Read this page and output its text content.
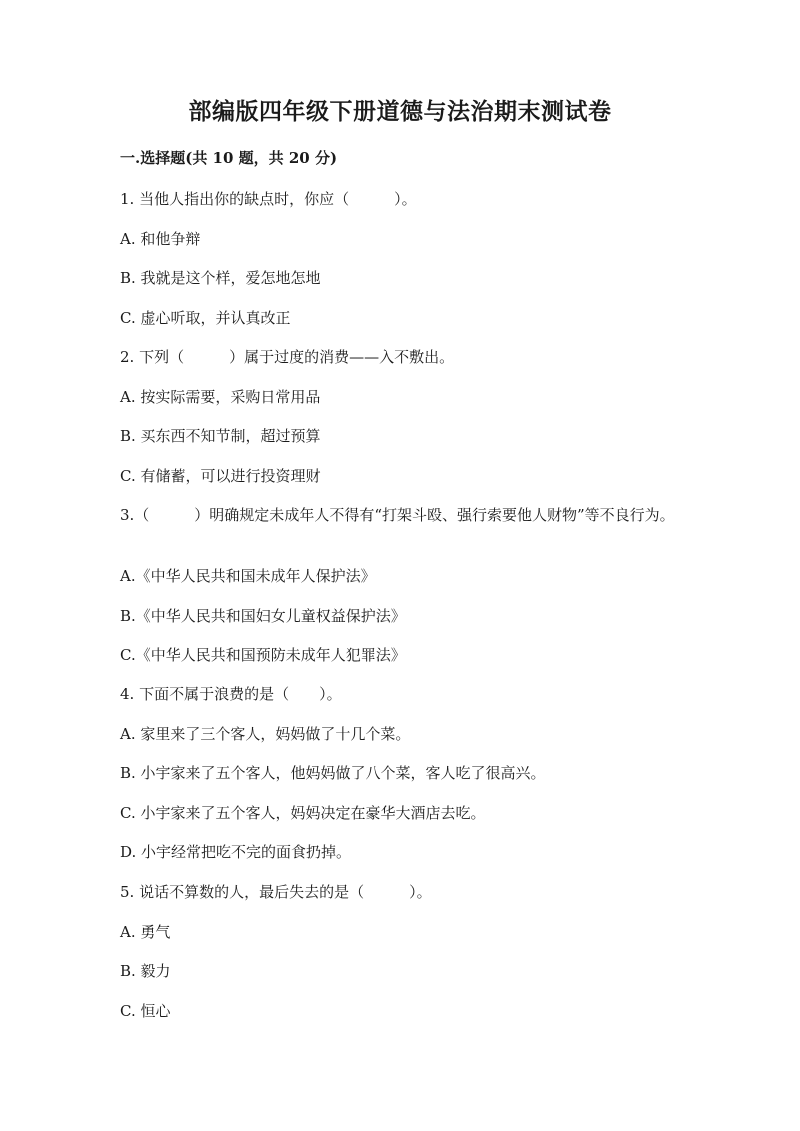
部编版四年级下册道德与法治期末测试卷
一.选择题(共 10 题，共 20 分)
1. 当他人指出你的缺点时，你应（　　　）。
A. 和他争辩
B. 我就是这个样，爱怎地怎地
C. 虚心听取，并认真改正
2. 下列（　　　）属于过度的消费——入不敷出。
A. 按实际需要，采购日常用品
B. 买东西不知节制，超过预算
C. 有储蓄，可以进行投资理财
3.（　　　）明确规定未成年人不得有“打架斗殴、强行索要他人财物”等不良行为。
A.《中华人民共和国未成年人保护法》
B.《中华人民共和国妇女儿童权益保护法》
C.《中华人民共和国预防未成年人犯罪法》
4. 下面不属于浪费的是（　　）。
A. 家里来了三个客人，妈妈做了十几个菜。
B. 小宇家来了五个客人，他妈妈做了八个菜，客人吃了很高兴。
C. 小宇家来了五个客人，妈妈决定在豪华大酒店去吃。
D. 小宇经常把吃不完的面食扔掉。
5. 说话不算数的人，最后失去的是（　　　）。
A. 勇气
B. 毅力
C. 恒心
